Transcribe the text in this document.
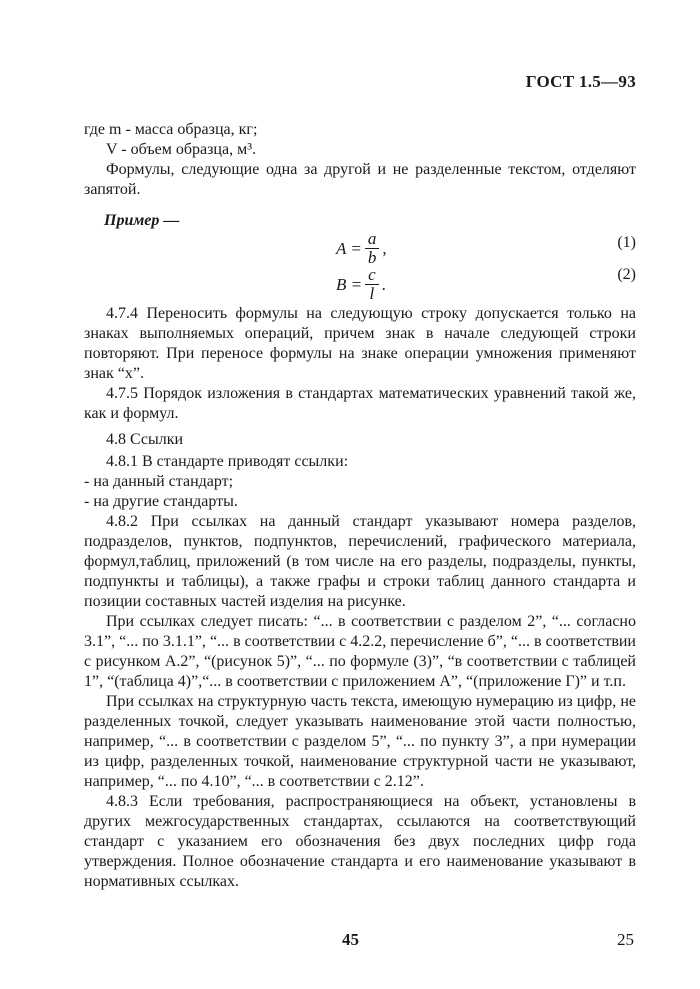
ГОСТ 1.5—93

где m - масса образца, кг;

V - объем образца, м³.

Формулы, следующие одна за другой и не разделенные текстом, отделяют запятой.

Пример —
$A = \frac{a}{b}$ ,	(1)
$B = \frac{c}{l}$ .	(2)

4.7.4 Переносить формулы на следующую строку допускается только на знаках выполняемых операций, причем знак в начале следующей строки повторяют. При переносе формулы на знаке операции умножения применяют знак “х”.

4.7.5 Порядок изложения в стандартах математических уравнений такой же, как и формул.

4.8 Ссылки

4.8.1 В стандарте приводят ссылки:

- на данный стандарт;

- на другие стандарты.

4.8.2 При ссылках на данный стандарт указывают номера разделов, подразделов, пунктов, подпунктов, перечислений, графического материала, формул,таблиц, приложений (в том числе на его разделы, подразделы, пункты, подпункты и таблицы), а также графы и строки таблиц данного стандарта и позиции составных частей изделия на рисунке.

При ссылках следует писать: “... в соответствии с разделом 2”, “... согласно 3.1”, “... по 3.1.1”, “... в соответствии с 4.2.2, перечисление б”, “... в соответствии с рисунком А.2”, “(рисунок 5)”, “... по формуле (3)”, “в соответствии с таблицей 1”, “(таблица 4)”,“... в соответствии с приложением А”, “(приложение Г)” и т.п.

При ссылках на структурную часть текста, имеющую нумерацию из цифр, не разделенных точкой, следует указывать наименование этой части полностью, например, “... в соответствии с разделом 5”, “... по пункту 3”, а при нумерации из цифр, разделенных точкой, наименование структурной части не указывают, например, “... по 4.10”, “... в соответствии с 2.12”.

4.8.3 Если требования, распространяющиеся на объект, установлены в других межгосударственных стандартах, ссылаются на соответствующий стандарт с указанием его обозначения без двух последних цифр года утверждения. Полное обозначение стандарта и его наименование указывают в нормативных ссылках.

45	25
